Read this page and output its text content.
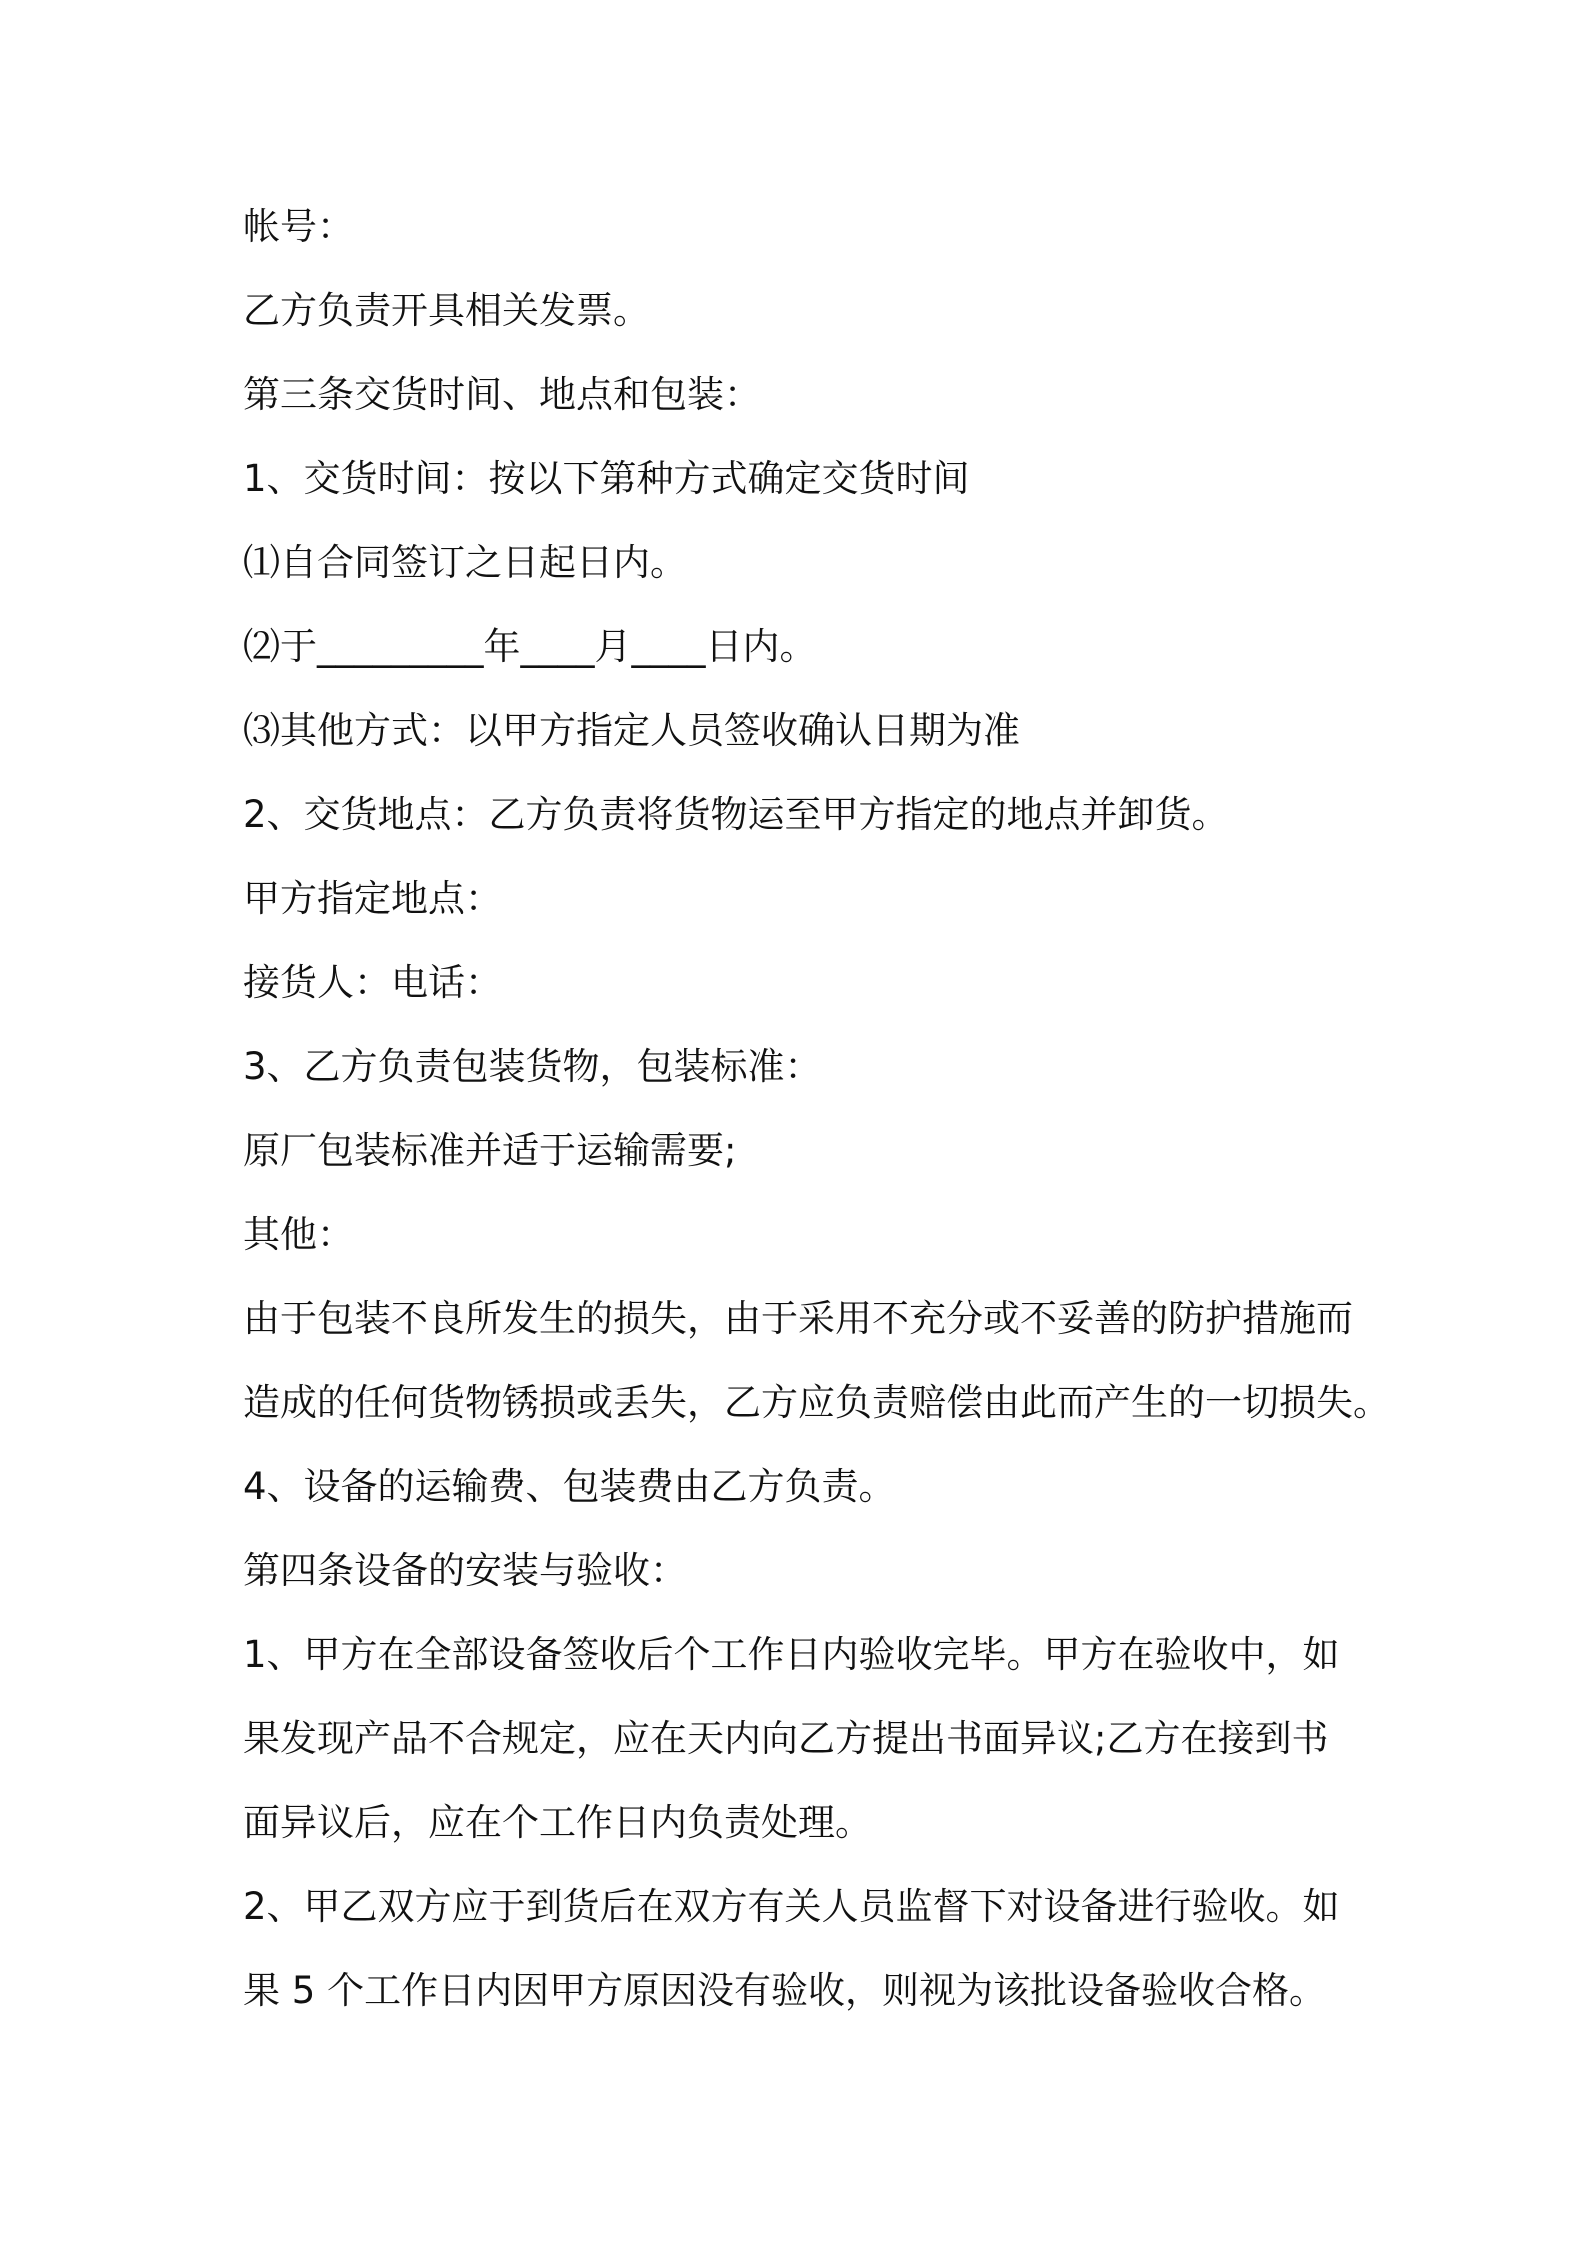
帐号：

乙方负责开具相关发票。

第三条交货时间、地点和包装：

1、交货时间：按以下第种方式确定交货时间

⑴自合同签订之日起日内。

⑵于_________年____月____日内。

⑶其他方式：以甲方指定人员签收确认日期为准

2、交货地点：乙方负责将货物运至甲方指定的地点并卸货。

甲方指定地点：

接货人：电话：

3、乙方负责包装货物，包装标准：

原厂包装标准并适于运输需要;

其他：

由于包装不良所发生的损失，由于采用不充分或不妥善的防护措施而

造成的任何货物锈损或丢失，乙方应负责赔偿由此而产生的一切损失。

4、设备的运输费、包装费由乙方负责。

第四条设备的安装与验收：

1、甲方在全部设备签收后个工作日内验收完毕。甲方在验收中，如

果发现产品不合规定，应在天内向乙方提出书面异议;乙方在接到书

面异议后，应在个工作日内负责处理。

2、甲乙双方应于到货后在双方有关人员监督下对设备进行验收。如

果 5 个工作日内因甲方原因没有验收，则视为该批设备验收合格。
